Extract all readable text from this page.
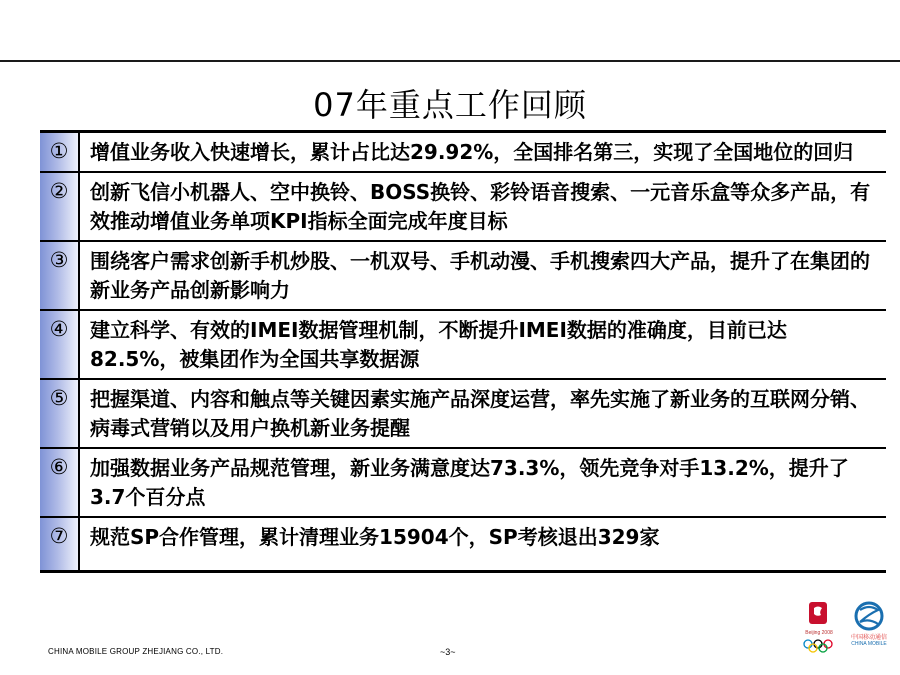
07年重点工作回顾
①	增值业务收入快速增长，累计占比达29.92%，全国排名第三，实现了全国地位的回归
②	创新飞信小机器人、空中换铃、BOSS换铃、彩铃语音搜索、一元音乐盒等众多产品，有效推动增值业务单项KPI指标全面完成年度目标
③	围绕客户需求创新手机炒股、一机双号、手机动漫、手机搜索四大产品，提升了在集团的新业务产品创新影响力
④	建立科学、有效的IMEI数据管理机制，不断提升IMEI数据的准确度，目前已达82.5%，被集团作为全国共享数据源
⑤	把握渠道、内容和触点等关键因素实施产品深度运营，率先实施了新业务的互联网分销、病毒式营销以及用户换机新业务提醒
⑥	加强数据业务产品规范管理，新业务满意度达73.3%，领先竞争对手13.2%，提升了3.7个百分点
⑦	规范SP合作管理，累计清理业务15904个，SP考核退出329家
CHINA MOBILE GROUP ZHEJIANG CO., LTD.	~3~
Beijing 2008
中国移动通信
CHINA MOBILE
